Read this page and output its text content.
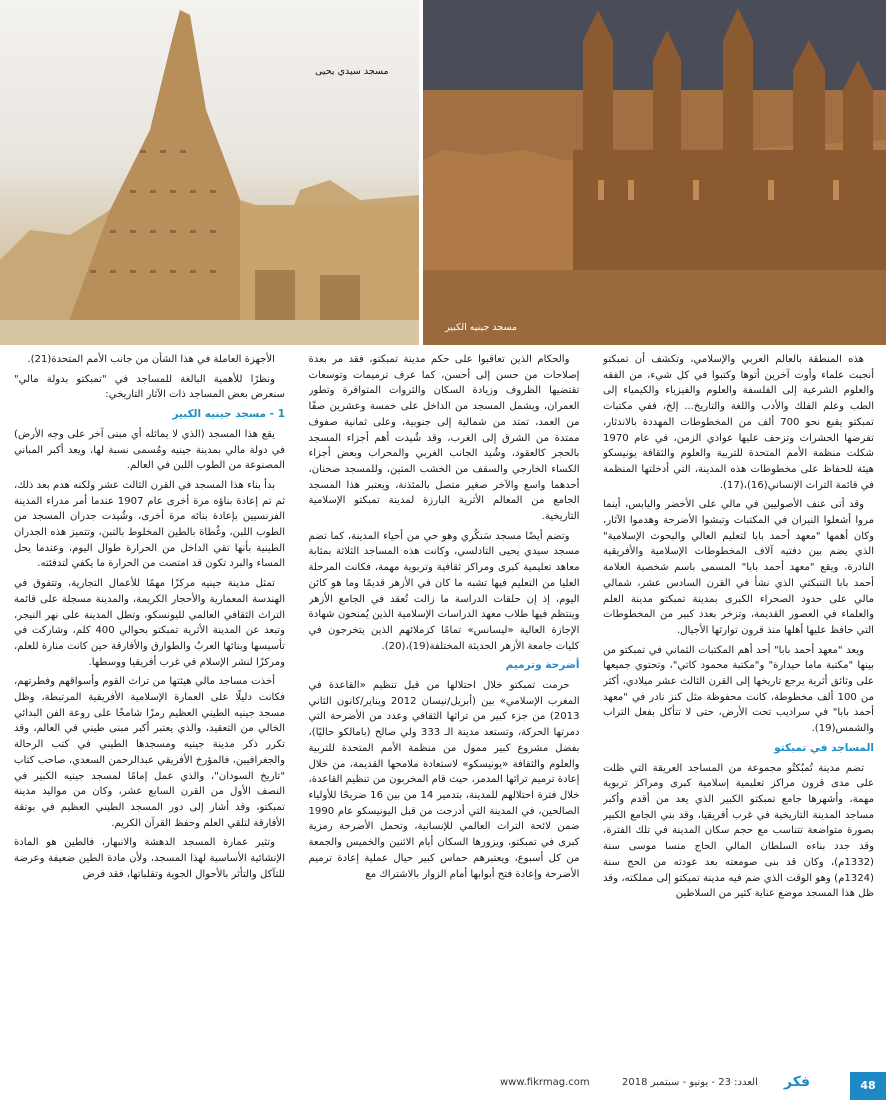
مسجد سيدي يحيى
مسجد جينيه الكبير

هذه المنطقة بالعالم العربي والإسلامي، وتكشف أن تمبكتو أنجبت علماء وأوت آخرين أتوها وكتبوا في كل شيء، من الفقه والعلوم الشرعية إلى الفلسفة والعلوم والفيزياء والكيمياء إلى الطب وعلم الفلك والأدب واللغة والتاريخ... إلخ، ففي مكتبات تمبكتو يقبع نحو 700 ألف من المخطوطات المهددة بالاندثار، تفرضها الحشرات وتزحف عليها عوادي الزمن، في عام 1970 شكلت منظمة الأمم المتحدة للتربية والعلوم والثقافة يونيسكو هيئة للحفاظ على مخطوطات هذه المدينة، التي أدخلتها المنظمة في قائمة التراث الإنساني(16)،(17).

وقد أتى عنف الأصوليين في مالي على الأخضر واليابس، أينما مروا أشعلوا النيران في المكتبات وتبشوا الأضرحة وهدموا الآثار، وكان أهمها "معهد أحمد بابا لتعليم العالي والبحوث الإسلامية" الذي يضم بين دفتيه آلاف المخطوطات الإسلامية والأفريقية النادرة، ويقع "معهد أحمد بابا" المسمى باسم شخصية العلامة أحمد بابا التنبكتي الذي نشأ في القرن السادس عشر، شمالي مالي على حدود الصحراء الكبرى بمدينة تمبكتو مدينة العلم والعلماء في العصور القديمة، وتزخر بعدد كبير من المخطوطات التي حافظ عليها أهلها منذ قرون توارثها الأجيال.

ويعد "معهد أحمد بابا" أحد أهم المكتبات الثماني في تمبكتو من بينها "مكتبة ماما حيدارة" و"مكتبة محمود كاتي"، وتحتوي جميعها على وثائق أثرية يرجع تاريخها إلى القرن الثالث عشر ميلادي، أكثر من 100 ألف مخطوطة، كانت محفوظة مثل كنز نادر في "معهد أحمد بابا" في سراديب تحت الأرض، حتى لا تتأكل بفعل التراب والشمس(19).

المساجد في تمبكتو

تضم مدينة تُمبُكتُو مجموعة من المساجد العريقة التي ظلت على مدى قرون مراكز تعليمية إسلامية كبرى ومراكز تربوية مهمة، وأشهرها جامع تمبكتو الكبير الذي يعد من أقدم وأكبر مساجد المدينة التاريخية في غرب أفريقيا، وقد بني الجامع الكبير بصورة متواضعة تتناسب مع حجم سكان المدينة في تلك الفترة، وقد جدد بناءه السلطان المالي الحاج منسا موسى سنة (1332م)، وكان قد بنى صومعته بعد عودته من الحج سنة (1324م) وهو الوقت الذي ضم فيه مدينة تمبكتو إلى مملكته، وقد ظل هذا المسجد موضع عناية كثير من السلاطين

والحكام الذين تعاقبوا على حكم مدينة تمبكتو، فقد مر بعدة إصلاحات من حسن إلى أحسن، كما عرف ترميمات وتوسعات تقتضيها الظروف وزيادة السكان والثروات المتوافرة وتطور العمران، ويشمل المسجد من الداخل على خمسة وعشرين صفًا من العمد، تمتد من شمالية إلى جنوبية، وعلى ثمانية صفوف ممتدة من الشرق إلى الغرب، وقد شُيدت أهم أجزاء المسجد بالحجر كالعقود، وشُيد الجانب الغربي والمحراب وبعض أجزاء الكساء الخارجي والسقف من الخشب المتين، وللمسجد صحنان، أحدهما واسع والآخر صغير متصل بالمئذنة، ويعتبر هذا المسجد الجامع من المعالم الأثرية البارزة لمدينة تمبكتو الإسلامية التاريخية.

وتضم أيضًا مسجد سَنكُري وهو حي من أحياء المدينة، كما تضم مسجد سيدي يحيى التادلسي، وكانت هذه المساجد الثلاثة بمثابة معاهد تعليمية كبرى ومراكز ثقافية وتربوية مهمة، فكانت المرحلة العليا من التعليم فيها تشبه ما كان في الأزهر قديمًا وما هو كائن اليوم، إذ إن حلقات الدراسة ما زالت تُعقد في الجامع الأزهر وينتظم فيها طلاب معهد الدراسات الإسلامية الذين يُمنحون شهادة الإجازة العالية «ليسانس» تمامًا كزملائهم الذين يتخرجون في كليات جامعة الأزهر الحديثة المختلفة(19)،(20).

أضرحة وترميم

حرمت تمبكتو خلال احتلالها من قبل تنظيم «القاعدة في المغرب الإسلامي» بين (أبريل/نيسان 2012 ويناير/كانون الثاني 2013) من جزء كبير من تراثها الثقافي وعدد من الأضرحة التي دمرتها الحركة، وتستعد مدينة الـ 333 ولي صالح (بامالكو حاليًا)، بفضل مشروع كبير ممول من منظمة الأمم المتحدة للتربية والعلوم والثقافة «يونيسكو» لاستعادة ملامحها القديمة، من خلال إعادة ترميم تراثها المدمر، حيث قام المخربون من تنظيم القاعدة، خلال فترة احتلالهم للمدينة، بتدمير 14 من بين 16 ضريحًا للأولياء الصالحين، في المدينة التي أدرجت من قبل اليونيسكو عام 1990 ضمن لائحة التراث العالمي للإنسانية، وتحمل الأضرحة رمزية كبرى في تمبكتو، ويزورها السكان أيام الاثنين والخميس والجمعة من كل أسبوع، ويعتبرهم حماس كبير حيال عملية إعادة ترميم الأضرحة وإعادة فتح أبوابها أمام الزوار بالاشتراك مع

الأجهزة العاملة في هذا الشأن من جانب الأمم المتحدة(21).

ونظرًا للأهمية البالغة للمساجد في "تمبكتو بدولة مالي" سنعرض بعض المساجد ذات الآثار التاريخي:

1 - مسجد جينيه الكبير

يقع هذا المسجد (الذي لا يماثله أي مبنى آخر على وجه الأرض) في دولة مالي بمدينة جينيه ومُسمى نسبة لها، ويعد أكبر المباني المصنوعة من الطوب اللبن في العالم.

بدأ بناء هذا المسجد في القرن الثالث عشر ولكنه هدم بعد ذلك، ثم تم إعادة بناؤه مرة أخرى عام 1907 عندما أمر مدراء المدينة الفرنسيين بإعادة بنائه مرة أخرى، وشُيدت جدران المسجد من الطوب اللبن، وغُطاة بالطين المخلوط بالتبن، وتتميز هذه الجدران الطينية بأنها تقي الداخل من الحرارة طوال اليوم، وعندما يحل المساء والبرد تكون قد امتصت من الحرارة ما يكفي لتدفئته.

تمثل مدينة جينيه مركزًا مهمًا للأعمال التجارية، وتتفوق في الهندسة المعمارية والأحجار الكريمة، والمدينة مسجلة على قائمة التراث الثقافي العالمي لليونسكو، وتطل المدينة على نهر النيجر، وتبعد عن المدينة الأثرية تمبكتو بحوالي 400 كلم، وشاركت في تأسيسها وبنائها العربُ والطوارق والأفارقة حين كانت منارة للعلم، ومركزًا لنشر الإسلام في غرب أفريقيا ووسطها.

أخذت مساجد مالي هيئتها من تراث القوم وأسواقهم وفطرتهم، فكانت دليلًا على العمارة الإسلامية الأفريقية المرتبطة، وظل مسجد جينيه الطيني العظيم رمزًا شامخًا على روعة الفن البدائي الخالي من التعقيد، والذي يعتبر أكبر مبنى طيني في العالم، وقد تكرر ذكر مدينة جينيه ومسجدها الطيني في كتب الرحالة والجغرافيين، فالمؤرخ الأفريقي عبدالرحمن السعدي، صاحب كتاب "تاريخ السودان"، والذي عمل إمامًا لمسجد جينيه الكبير في النصف الأول من القرن السابع عشر، وكان من مواليد مدينة تمبكتو، وقد أشار إلى دور المسجد الطيني العظيم في بوتقة الأفارقة لتلقي العلم وحفظ القرآن الكريم.

وتثير عمارة المسجد الدهشة والانبهار، فالطين هو المادة الإنشائية الأساسية لهذا المسجد، ولأن مادة الطين ضعيفة وعرضة للتآكل والتأثر بالأحوال الجوية وتقلباتها، فقد فرض

48
فكر
العدد: 23 - يونيو - سبتمبر 2018
www.fikrmag.com
